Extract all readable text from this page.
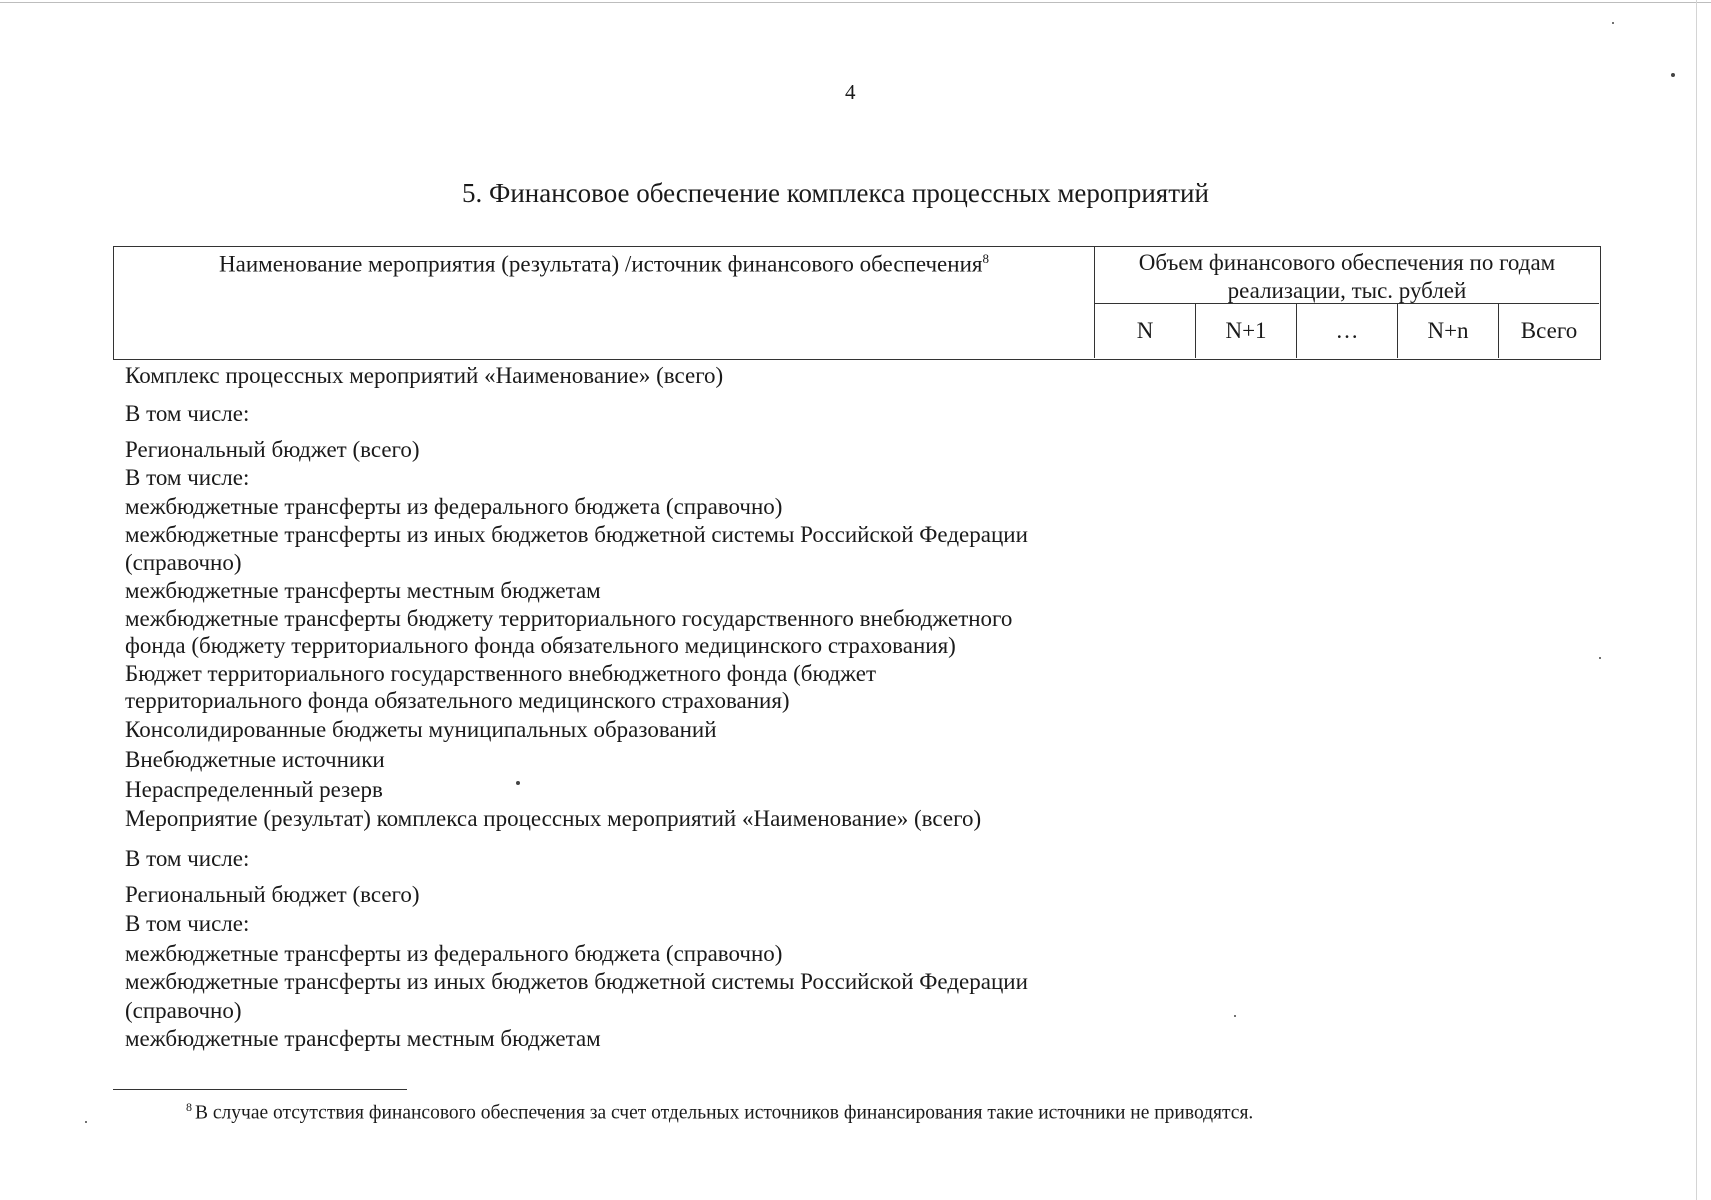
4
5. Финансовое обеспечение комплекса процессных мероприятий
Наименование мероприятия (результата) /источник финансового обеспечения$^8$	Объем финансового обеспечения по годам реализации, тыс. рублей
N	N+1	…	N+n	Всего
Комплекс процессных мероприятий «Наименование» (всего)
В том числе:
Региональный бюджет (всего)
В том числе:
межбюджетные трансферты из федерального бюджета (справочно)
межбюджетные трансферты из иных бюджетов бюджетной системы Российской Федерации
(справочно)
межбюджетные трансферты местным бюджетам
межбюджетные трансферты бюджету территориального государственного внебюджетного
фонда (бюджету территориального фонда обязательного медицинского страхования)
Бюджет территориального государственного внебюджетного фонда (бюджет
территориального фонда обязательного медицинского страхования)
Консолидированные бюджеты муниципальных образований
Внебюджетные источники
Нераспределенный резерв
Мероприятие (результат) комплекса процессных мероприятий «Наименование» (всего)
В том числе:
Региональный бюджет (всего)
В том числе:
межбюджетные трансферты из федерального бюджета (справочно)
межбюджетные трансферты из иных бюджетов бюджетной системы Российской Федерации
(справочно)
межбюджетные трансферты местным бюджетам
$^8$ В случае отсутствия финансового обеспечения за счет отдельных источников финансирования такие источники не приводятся.
